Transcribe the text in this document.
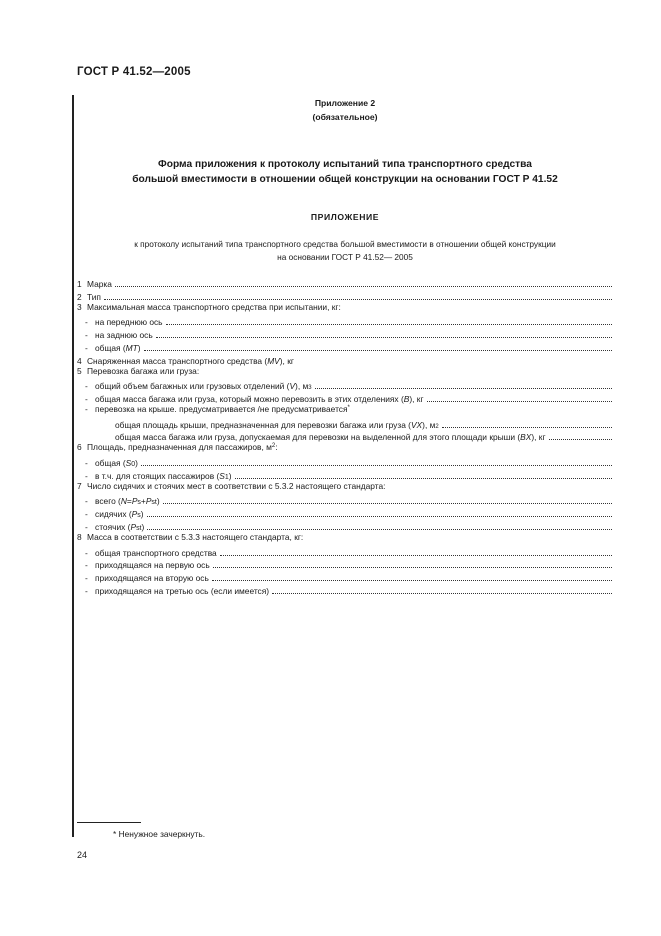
ГОСТ Р 41.52—2005
Приложение 2
(обязательное)
Форма приложения к протоколу испытаний типа транспортного средства
большой вместимости в отношении общей конструкции на основании ГОСТ Р 41.52
ПРИЛОЖЕНИЕ
к протоколу испытаний типа транспортного средства большой вместимости в отношении общей конструкции
на основании ГОСТ Р 41.52— 2005
1 Марка
2 Тип
3 Максимальная масса транспортного средства при испытании, кг:
- на переднюю ось
- на заднюю ось
- общая ( MT )
4 Снаряженная масса транспортного средства ( MV ), кг
5 Перевозка багажа или груза:
- общий объем багажных или грузовых отделений ( V ), $м_3$
- общая масса багажа или груза, который можно перевозить в этих отделениях ( B ), кг
- перевозка на крыше. предусматривается /не предусматривается*
общая площадь крыши, предназначенная для перевозки багажа или груза ( VX ), $м_2$
общая масса багажа или груза, допускаемая для перевозки на выделенной для этого площади крыши ( BX ), кг
6 Площадь, предназначенная для пассажиров, $м^2$:
- общая ( S 0 )
- в т.ч. для стоящих пассажиров ( S 1 )
7 Число сидячих и стоячих мест в соответствии с 5.3.2 настоящего стандарта:
- всего ( N = P s + P st )
- сидячих ( P s )
- стоячих ( P st )
8 Масса в соответствии с 5.3.3 настоящего стандарта, кг:
- общая транспортного средства
- приходящаяся на первую ось
- приходящаяся на вторую ось
- приходящаяся на третью ось (если имеется)
* Ненужное зачеркнуть.
24
